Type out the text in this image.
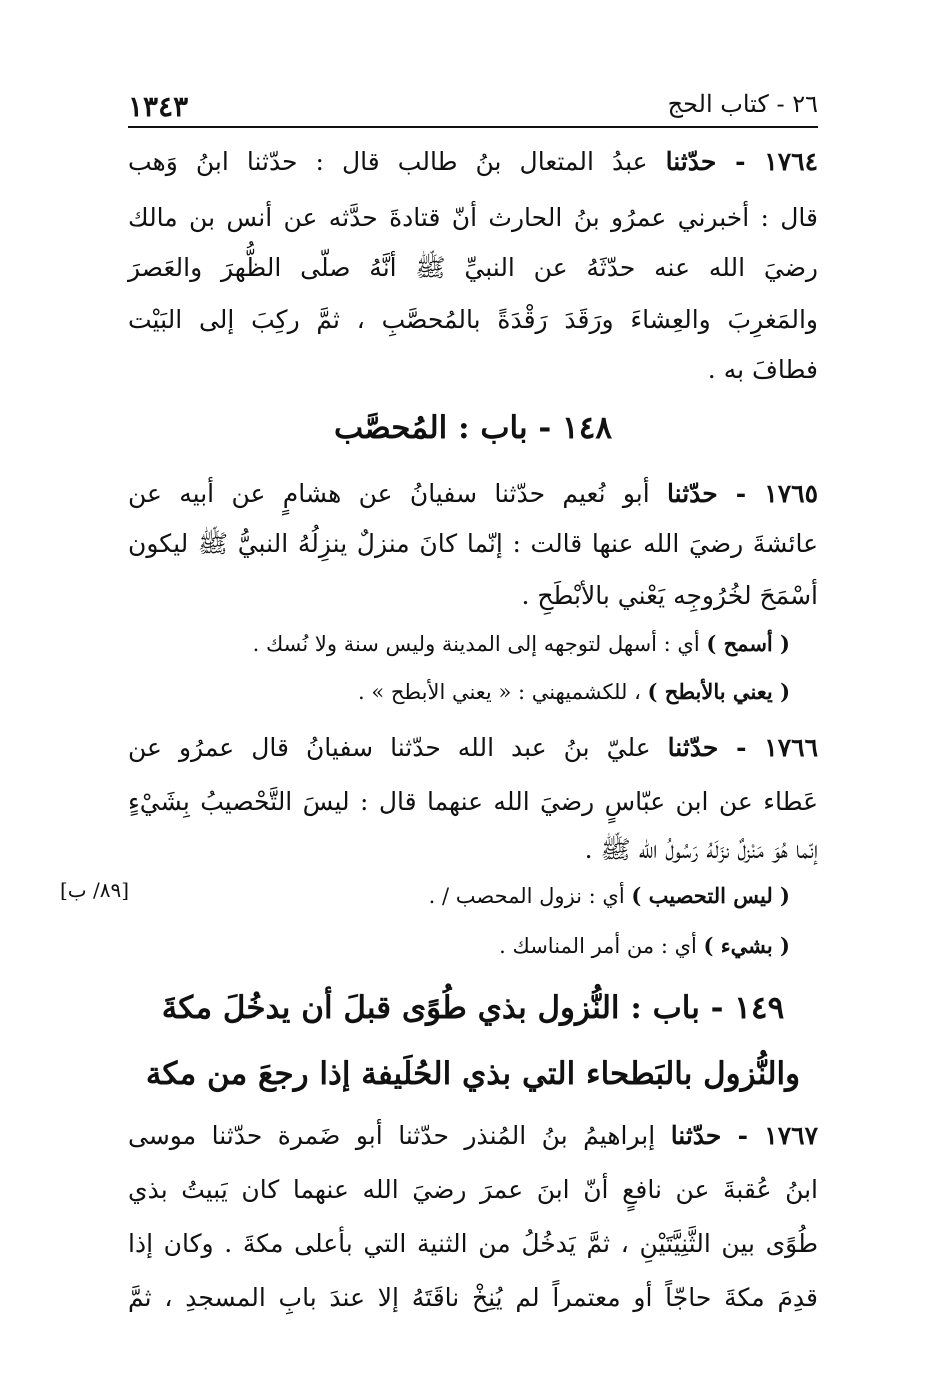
١٣٤٣	٢٦ - كتاب الحج
١٧٦٤ - حدّثنا عبدُ المتعال بنُ طالب قال : حدّثنا ابنُ وَهب
قال : أخبرني عمرُو بنُ الحارث أنّ قتادةَ حدَّثه عن أنس بن مالك
رضيَ الله عنه حدّثَهُ عن النبيِّ ﷺ أنَّهُ صلّى الظُّهرَ والعَصرَ
والمَغرِبَ والعِشاءَ ورَقَدَ رَقْدَةً بالمُحصَّبِ ، ثمَّ ركِبَ إلى البَيْت
فطافَ به .
١٤٨ - باب : المُحصَّب
١٧٦٥ - حدّثنا أبو نُعيم حدّثنا سفيانُ عن هشامٍ عن أبيه عن
عائشةَ رضيَ الله عنها قالت : إنّما كانَ منزلٌ ينزِلُهُ النبيُّ ﷺ ليكون
أسْمَحَ لخُرُوجِه يَعْني بالأبْطَحِ .
( أسمح ) أي : أسهل لتوجهه إلى المدينة وليس سنة ولا نُسك .
( يعني بالأبطح ) ، للكشميهني : « يعني الأبطح » .
١٧٦٦ - حدّثنا عليّ بنُ عبد الله حدّثنا سفيانُ قال عمرُو عن
عَطاء عن ابن عبّاسٍ رضيَ الله عنهما قال : ليسَ التَّحْصيبُ بِشَيْءٍ
إنّما هُوَ مَنْزلٌ نزَلَهُ رَسُولُ الله ﷺ .
( ليس التحصيب ) أي : نزول المحصب / .
[٨٩/ ب]
( بشيء ) أي : من أمر المناسك .
١٤٩ - باب : النُّزول بذي طُوًى قبلَ أن يدخُلَ مكةَ
والنُّزول بالبَطحاء التي بذي الحُلَيفة إذا رجعَ من مكة
١٧٦٧ - حدّثنا إبراهيمُ بنُ المُنذر حدّثنا أبو ضَمرة حدّثنا موسى
ابنُ عُقبةَ عن نافعٍ أنّ ابنَ عمرَ رضيَ الله عنهما كان يَبيتُ بذي
طُوًى بين الثَّنِيَّتَيْنِ ، ثمَّ يَدخُلُ من الثنية التي بأعلى مكةَ . وكان إذا
قدِمَ مكةَ حاجّاً أو معتمراً لم يُنِخْ ناقَتَهُ إلا عندَ بابِ المسجدِ ، ثمَّ
